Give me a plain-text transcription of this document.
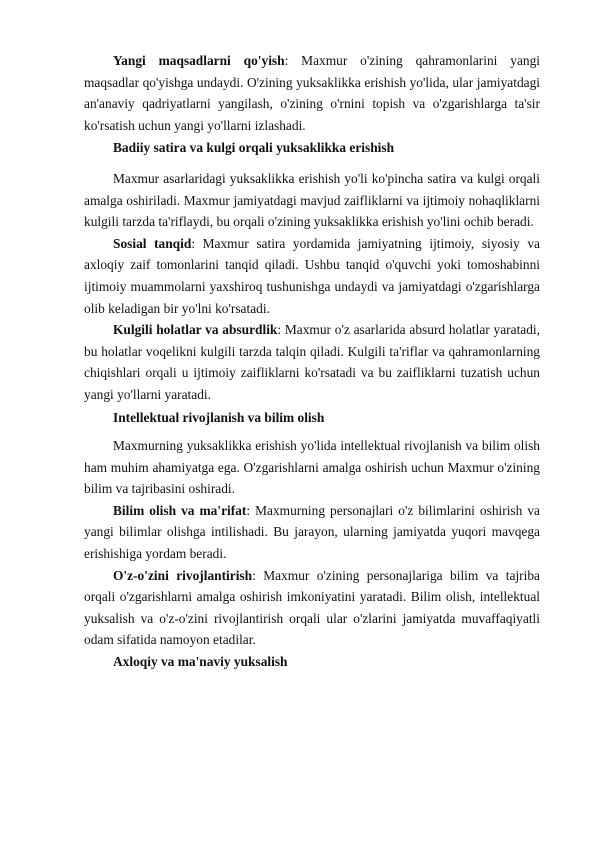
Yangi maqsadlarni qo'yish: Maxmur o'zining qahramonlarini yangi maqsadlar qo'yishga undaydi. O'zining yuksaklikka erishish yo'lida, ular jamiyatdagi an'anaviy qadriyatlarni yangilash, o'zining o'rnini topish va o'zgarishlarga ta'sir ko'rsatish uchun yangi yo'llarni izlashadi.

Badiiy satira va kulgi orqali yuksaklikka erishish

Maxmur asarlaridagi yuksaklikka erishish yo'li ko'pincha satira va kulgi orqali amalga oshiriladi. Maxmur jamiyatdagi mavjud zaifliklarni va ijtimoiy nohaqliklarni kulgili tarzda ta'riflaydi, bu orqali o'zining yuksaklikka erishish yo'lini ochib beradi.

Sosial tanqid: Maxmur satira yordamida jamiyatning ijtimoiy, siyosiy va axloqiy zaif tomonlarini tanqid qiladi. Ushbu tanqid o'quvchi yoki tomoshabinni ijtimoiy muammolarni yaxshiroq tushunishga undaydi va jamiyatdagi o'zgarishlarga olib keladigan bir yo'lni ko'rsatadi.

Kulgili holatlar va absurdlik: Maxmur o'z asarlarida absurd holatlar yaratadi, bu holatlar voqelikni kulgili tarzda talqin qiladi. Kulgili ta'riflar va qahramonlarning chiqishlari orqali u ijtimoiy zaifliklarni ko'rsatadi va bu zaifliklarni tuzatish uchun yangi yo'llarni yaratadi.

Intellektual rivojlanish va bilim olish

Maxmurning yuksaklikka erishish yo'lida intellektual rivojlanish va bilim olish ham muhim ahamiyatga ega. O'zgarishlarni amalga oshirish uchun Maxmur o'zining bilim va tajribasini oshiradi.

Bilim olish va ma'rifat: Maxmurning personajlari o'z bilimlarini oshirish va yangi bilimlar olishga intilishadi. Bu jarayon, ularning jamiyatda yuqori mavqega erishishiga yordam beradi.

O'z-o'zini rivojlantirish: Maxmur o'zining personajlariga bilim va tajriba orqali o'zgarishlarni amalga oshirish imkoniyatini yaratadi. Bilim olish, intellektual yuksalish va o'z-o'zini rivojlantirish orqali ular o'zlarini jamiyatda muvaffaqiyatli odam sifatida namoyon etadilar.

Axloqiy va ma'naviy yuksalish
